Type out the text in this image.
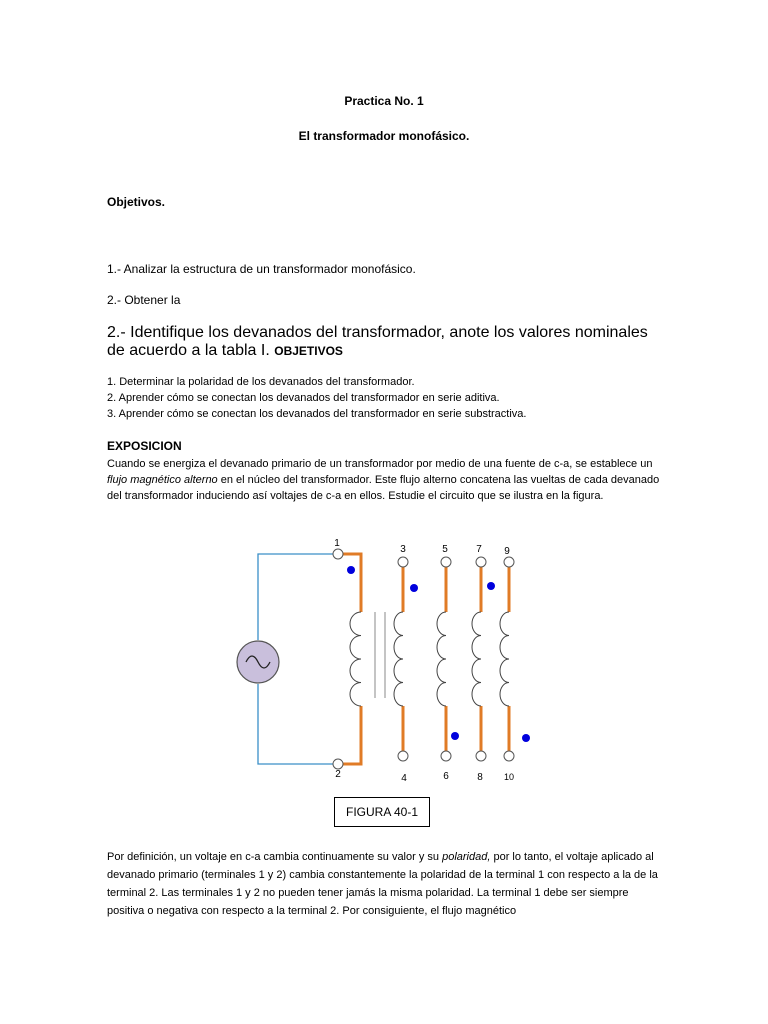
Practica No. 1
El transformador monofásico.
Objetivos.
1.- Analizar la estructura de un transformador monofásico.
2.- Obtener la
2.- Identifique los devanados del transformador, anote los valores nominales de acuerdo a la tabla I. OBJETIVOS
1. Determinar la polaridad de los devanados del transformador.
2. Aprender cómo se conectan los devanados del transformador en serie aditiva.
3. Aprender cómo se conectan los devanados del transformador en serie substractiva.
EXPOSICION
Cuando se energiza el devanado primario de un transformador por medio de una fuente de c-a, se establece un flujo magnético alterno en el núcleo del transformador. Este flujo alterno concatena las vueltas de cada devanado del transformador induciendo así voltajes de c-a en ellos. Estudie el circuito que se ilustra en la figura.
1
2
3
4
5
6
7
8
9
10
FIGURA 40-1
Por definición, un voltaje en c-a cambia continuamente su valor y su polaridad, por lo tanto, el voltaje aplicado al devanado primario (terminales 1 y 2) cambia constantemente la polaridad de la terminal 1 con respecto a la de la terminal 2. Las terminales 1 y 2 no pueden tener jamás la misma polaridad. La terminal 1 debe ser siempre positiva o negativa con respecto a la terminal 2. Por consiguiente, el flujo magnético
